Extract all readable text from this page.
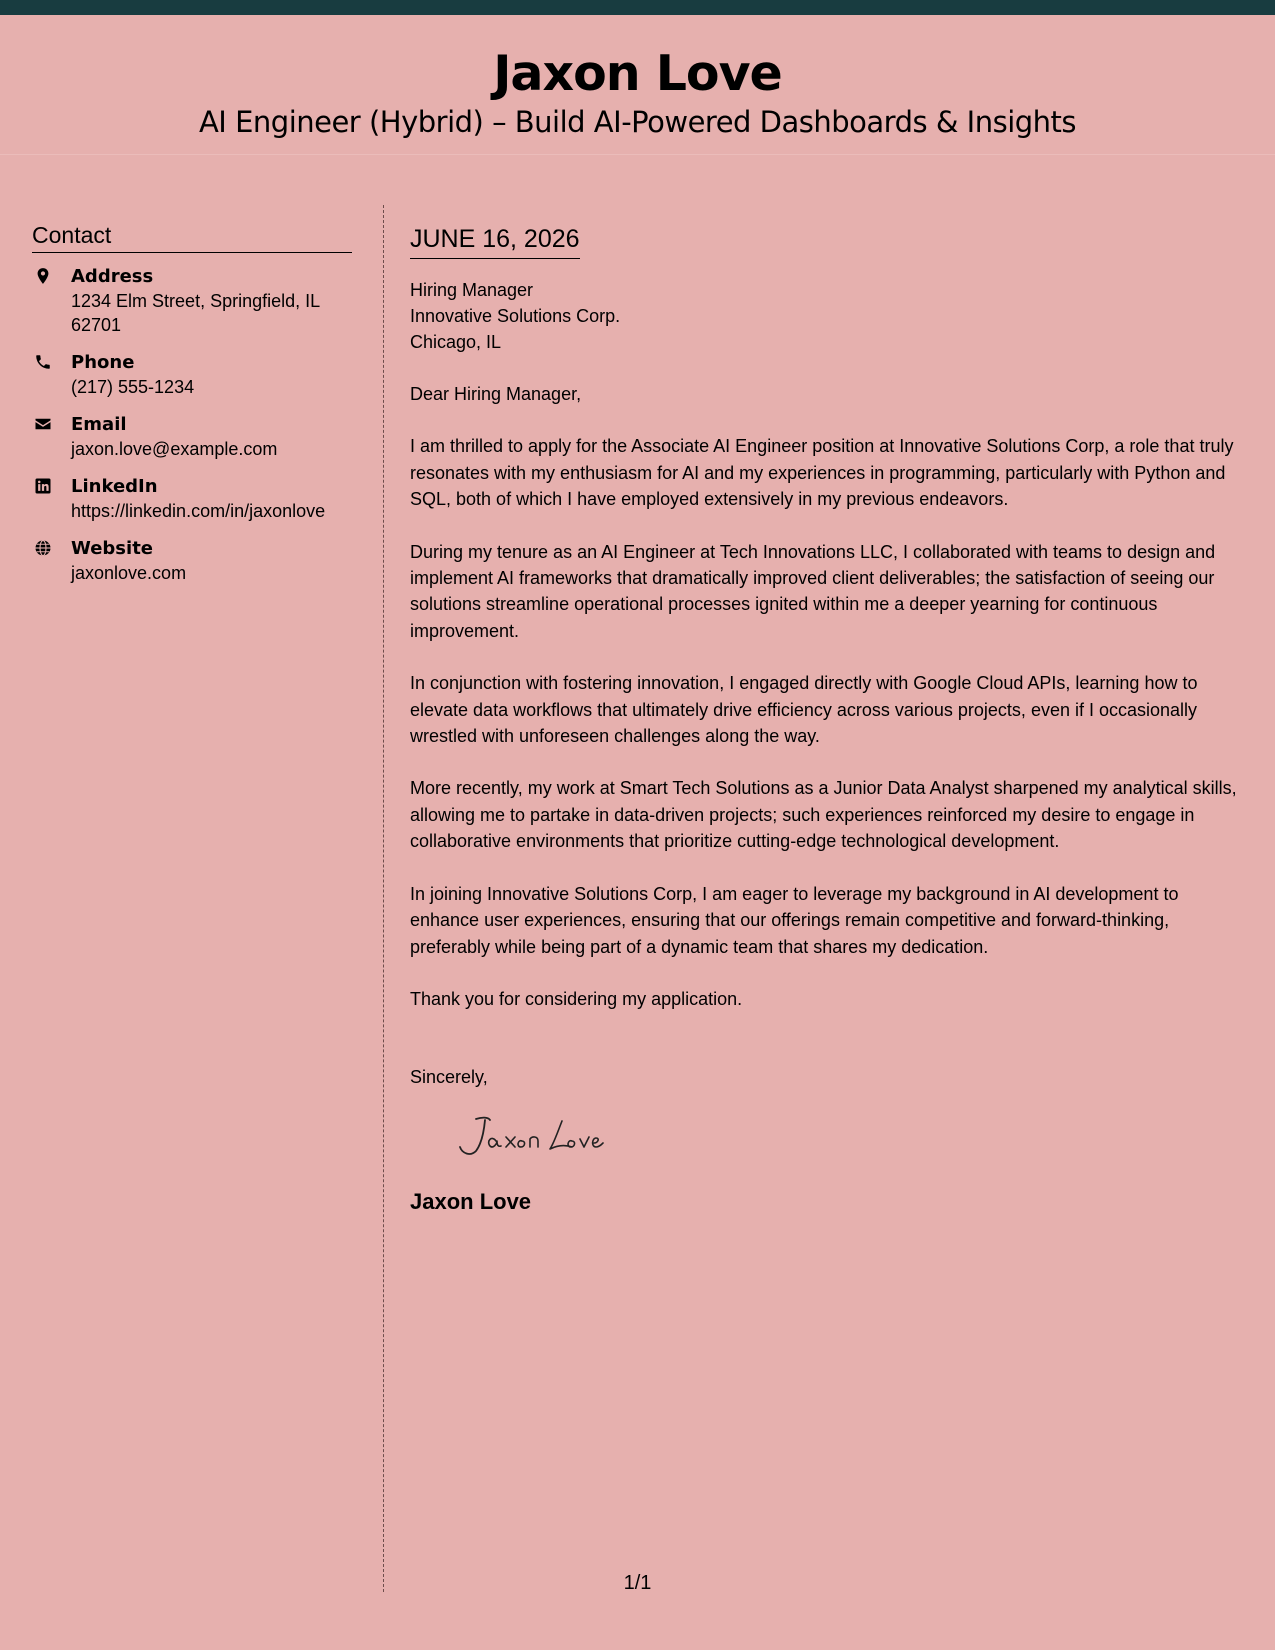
Jaxon Love
AI Engineer (Hybrid) – Build AI-Powered Dashboards & Insights
Contact
Address
1234 Elm Street, Springfield, IL 62701
Phone
(217) 555-1234
Email
jaxon.love@example.com
LinkedIn
https://linkedin.com/in/jaxonlove
Website
jaxonlove.com
JUNE 16, 2026
Hiring Manager
Innovative Solutions Corp.
Chicago, IL
Dear Hiring Manager,

I am thrilled to apply for the Associate AI Engineer position at Innovative Solutions Corp, a role that truly resonates with my enthusiasm for AI and my experiences in programming, particularly with Python and SQL, both of which I have employed extensively in my previous endeavors.

During my tenure as an AI Engineer at Tech Innovations LLC, I collaborated with teams to design and implement AI frameworks that dramatically improved client deliverables; the satisfaction of seeing our solutions streamline operational processes ignited within me a deeper yearning for continuous improvement.

In conjunction with fostering innovation, I engaged directly with Google Cloud APIs, learning how to elevate data workflows that ultimately drive efficiency across various projects, even if I occasionally wrestled with unforeseen challenges along the way.

More recently, my work at Smart Tech Solutions as a Junior Data Analyst sharpened my analytical skills, allowing me to partake in data-driven projects; such experiences reinforced my desire to engage in collaborative environments that prioritize cutting-edge technological development.

In joining Innovative Solutions Corp, I am eager to leverage my background in AI development to enhance user experiences, ensuring that our offerings remain competitive and forward-thinking, preferably while being part of a dynamic team that shares my dedication.

Thank you for considering my application.

Sincerely,
Jaxon Love
1/1
